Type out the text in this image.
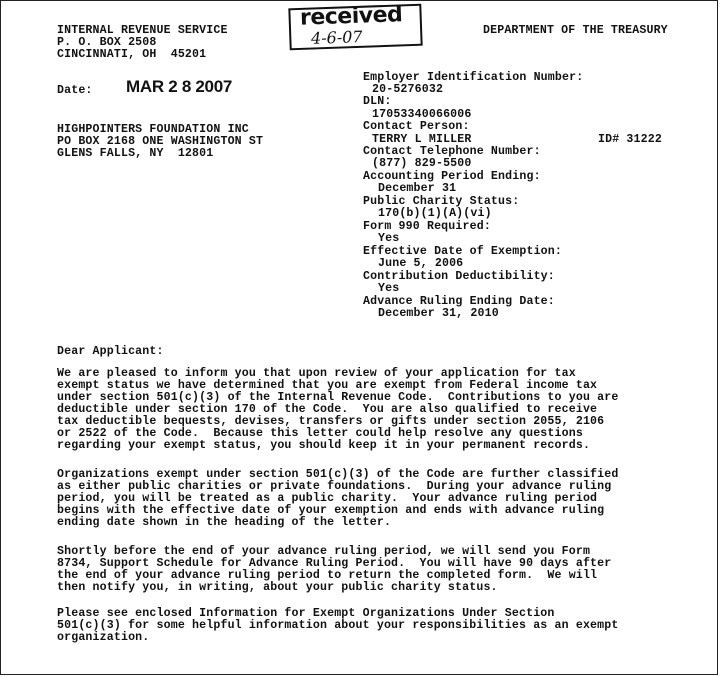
INTERNAL REVENUE SERVICE
P. O. BOX 2508
CINCINNATI, OH  45201
DEPARTMENT OF THE TREASURY
received
4-6-07
Date: MAR 2 8 2007
HIGHPOINTERS FOUNDATION INC
PO BOX 2168 ONE WASHINGTON ST
GLENS FALLS, NY  12801
Employer Identification Number:
20-5276032
DLN:
17053340066006
Contact Person:
TERRY L MILLER	ID# 31222
Contact Telephone Number:
(877) 829-5500
Accounting Period Ending:
December 31
Public Charity Status:
170(b)(1)(A)(vi)
Form 990 Required:
Yes
Effective Date of Exemption:
June 5, 2006
Contribution Deductibility:
Yes
Advance Ruling Ending Date:
December 31, 2010
Dear Applicant:
We are pleased to inform you that upon review of your application for tax
exempt status we have determined that you are exempt from Federal income tax
under section 501(c)(3) of the Internal Revenue Code.  Contributions to you are
deductible under section 170 of the Code.  You are also qualified to receive
tax deductible bequests, devises, transfers or gifts under section 2055, 2106
or 2522 of the Code.  Because this letter could help resolve any questions
regarding your exempt status, you should keep it in your permanent records.
Organizations exempt under section 501(c)(3) of the Code are further classified
as either public charities or private foundations.  During your advance ruling
period, you will be treated as a public charity.  Your advance ruling period
begins with the effective date of your exemption and ends with advance ruling
ending date shown in the heading of the letter.
Shortly before the end of your advance ruling period, we will send you Form
8734, Support Schedule for Advance Ruling Period.  You will have 90 days after
the end of your advance ruling period to return the completed form.  We will
then notify you, in writing, about your public charity status.
Please see enclosed Information for Exempt Organizations Under Section
501(c)(3) for some helpful information about your responsibilities as an exempt
organization.
